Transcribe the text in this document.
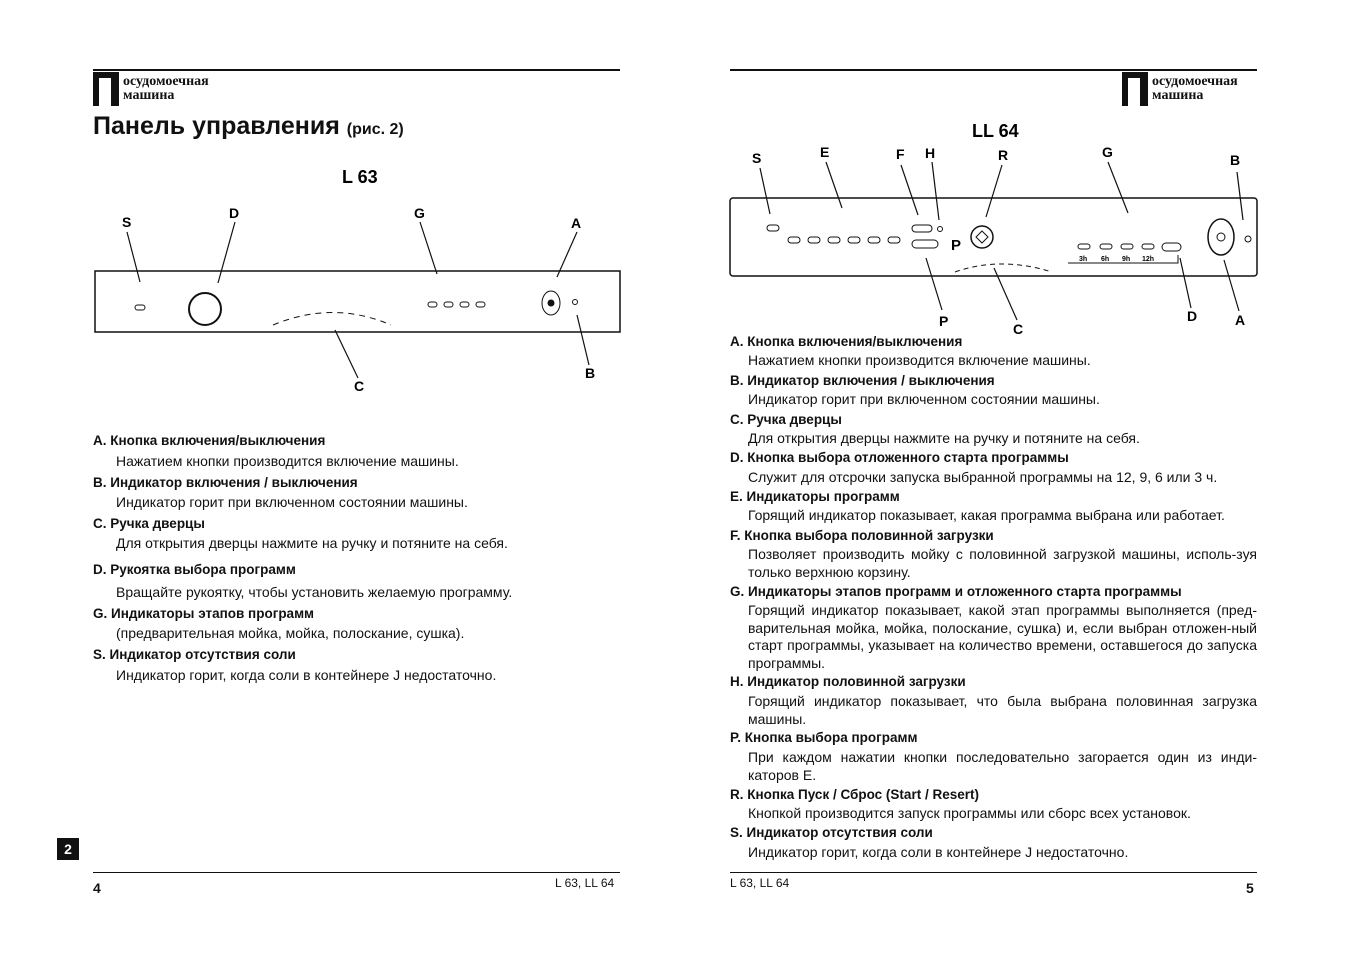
осудомоечная
машина
Панель управления (рис. 2)
L 63
S
D	G
A
B
C
A. Кнопка включения/выключения
Нажатием кнопки производится включение машины.
B. Индикатор включения / выключения
Индикатор горит при включенном состоянии машины.
C. Ручка дверцы
Для открытия дверцы нажмите на ручку и потяните на себя.
D. Рукоятка выбора программ
Вращайте рукоятку, чтобы установить желаемую программу.
G. Индикаторы этапов программ
(предварительная мойка, мойка, полоскание, сушка).
S. Индикатор отсутствия соли
Индикатор горит, когда соли в контейнере J недостаточно.
2
4	L 63, LL 64
осудомоечная
машина
LL 64
P
3h 6h 9h 12h
S	E	F H	R	G	B
P	C
D	A
A. Кнопка включения/выключения
Нажатием кнопки производится включение машины.
B. Индикатор включения / выключения
Индикатор горит при включенном состоянии машины.
C. Ручка дверцы
Для открытия дверцы нажмите на ручку и потяните на себя.
D. Кнопка выбора отложенного старта программы
Служит для отсрочки запуска выбранной программы на 12, 9, 6 или 3 ч.
E. Индикаторы программ
Горящий индикатор показывает, какая программа выбрана или работает.
F. Кнопка выбора половинной загрузки
Позволяет производить мойку с половинной загрузкой машины, исполь-зуя только верхнюю корзину.
G. Индикаторы этапов программ и отложенного старта программы
Горящий индикатор показывает, какой этап программы выполняется (пред-варительная мойка, мойка, полоскание, сушка) и, если выбран отложен-ный старт программы, указывает на количество времени, оставшегося до запуска программы.
H. Индикатор половинной загрузки
Горящий индикатор показывает, что была выбрана половинная загрузка машины.
P. Кнопка выбора программ
При каждом нажатии кнопки последовательно загорается один из инди-каторов E.
R. Кнопка Пуск / Сброс (Start / Resert)
Кнопкой производится запуск программы или сборс всех установок.
S. Индикатор отсутствия соли
Индикатор горит, когда соли в контейнере J недостаточно.
L 63, LL 64	5
